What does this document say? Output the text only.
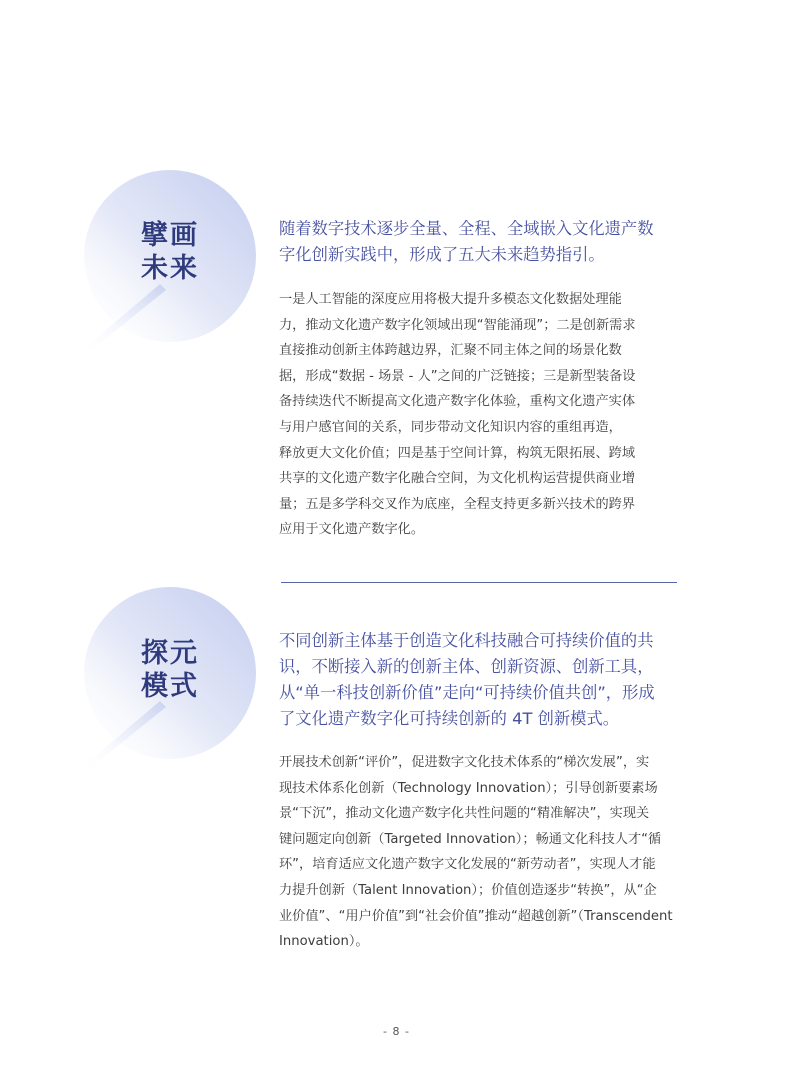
擘画
未来
随着数字技术逐步全量、全程、全域嵌入文化遗产数
字化创新实践中，形成了五大未来趋势指引。
一是人工智能的深度应用将极大提升多模态文化数据处理能
力，推动文化遗产数字化领域出现“智能涌现”；二是创新需求
直接推动创新主体跨越边界，汇聚不同主体之间的场景化数
据，形成“数据 - 场景 - 人”之间的广泛链接；三是新型装备设
备持续迭代不断提高文化遗产数字化体验，重构文化遗产实体
与用户感官间的关系，同步带动文化知识内容的重组再造，
释放更大文化价值；四是基于空间计算，构筑无限拓展、跨域
共享的文化遗产数字化融合空间，为文化机构运营提供商业增
量；五是多学科交叉作为底座，全程支持更多新兴技术的跨界
应用于文化遗产数字化。
探元
模式
不同创新主体基于创造文化科技融合可持续价值的共
识，不断接入新的创新主体、创新资源、创新工具，
从“单一科技创新价值”走向“可持续价值共创”，形成
了文化遗产数字化可持续创新的 4T 创新模式。
开展技术创新“评价”，促进数字文化技术体系的“梯次发展”，实
现技术体系化创新（Technology Innovation）；引导创新要素场
景“下沉”，推动文化遗产数字化共性问题的“精准解决”，实现关
键问题定向创新（Targeted Innovation）；畅通文化科技人才“循
环”，培育适应文化遗产数字文化发展的“新劳动者”，实现人才能
力提升创新（Talent Innovation）；价值创造逐步“转换”，从“企
业价值”、“用户价值”到“社会价值”推动“超越创新”（Transcendent
Innovation）。
- 8 -
